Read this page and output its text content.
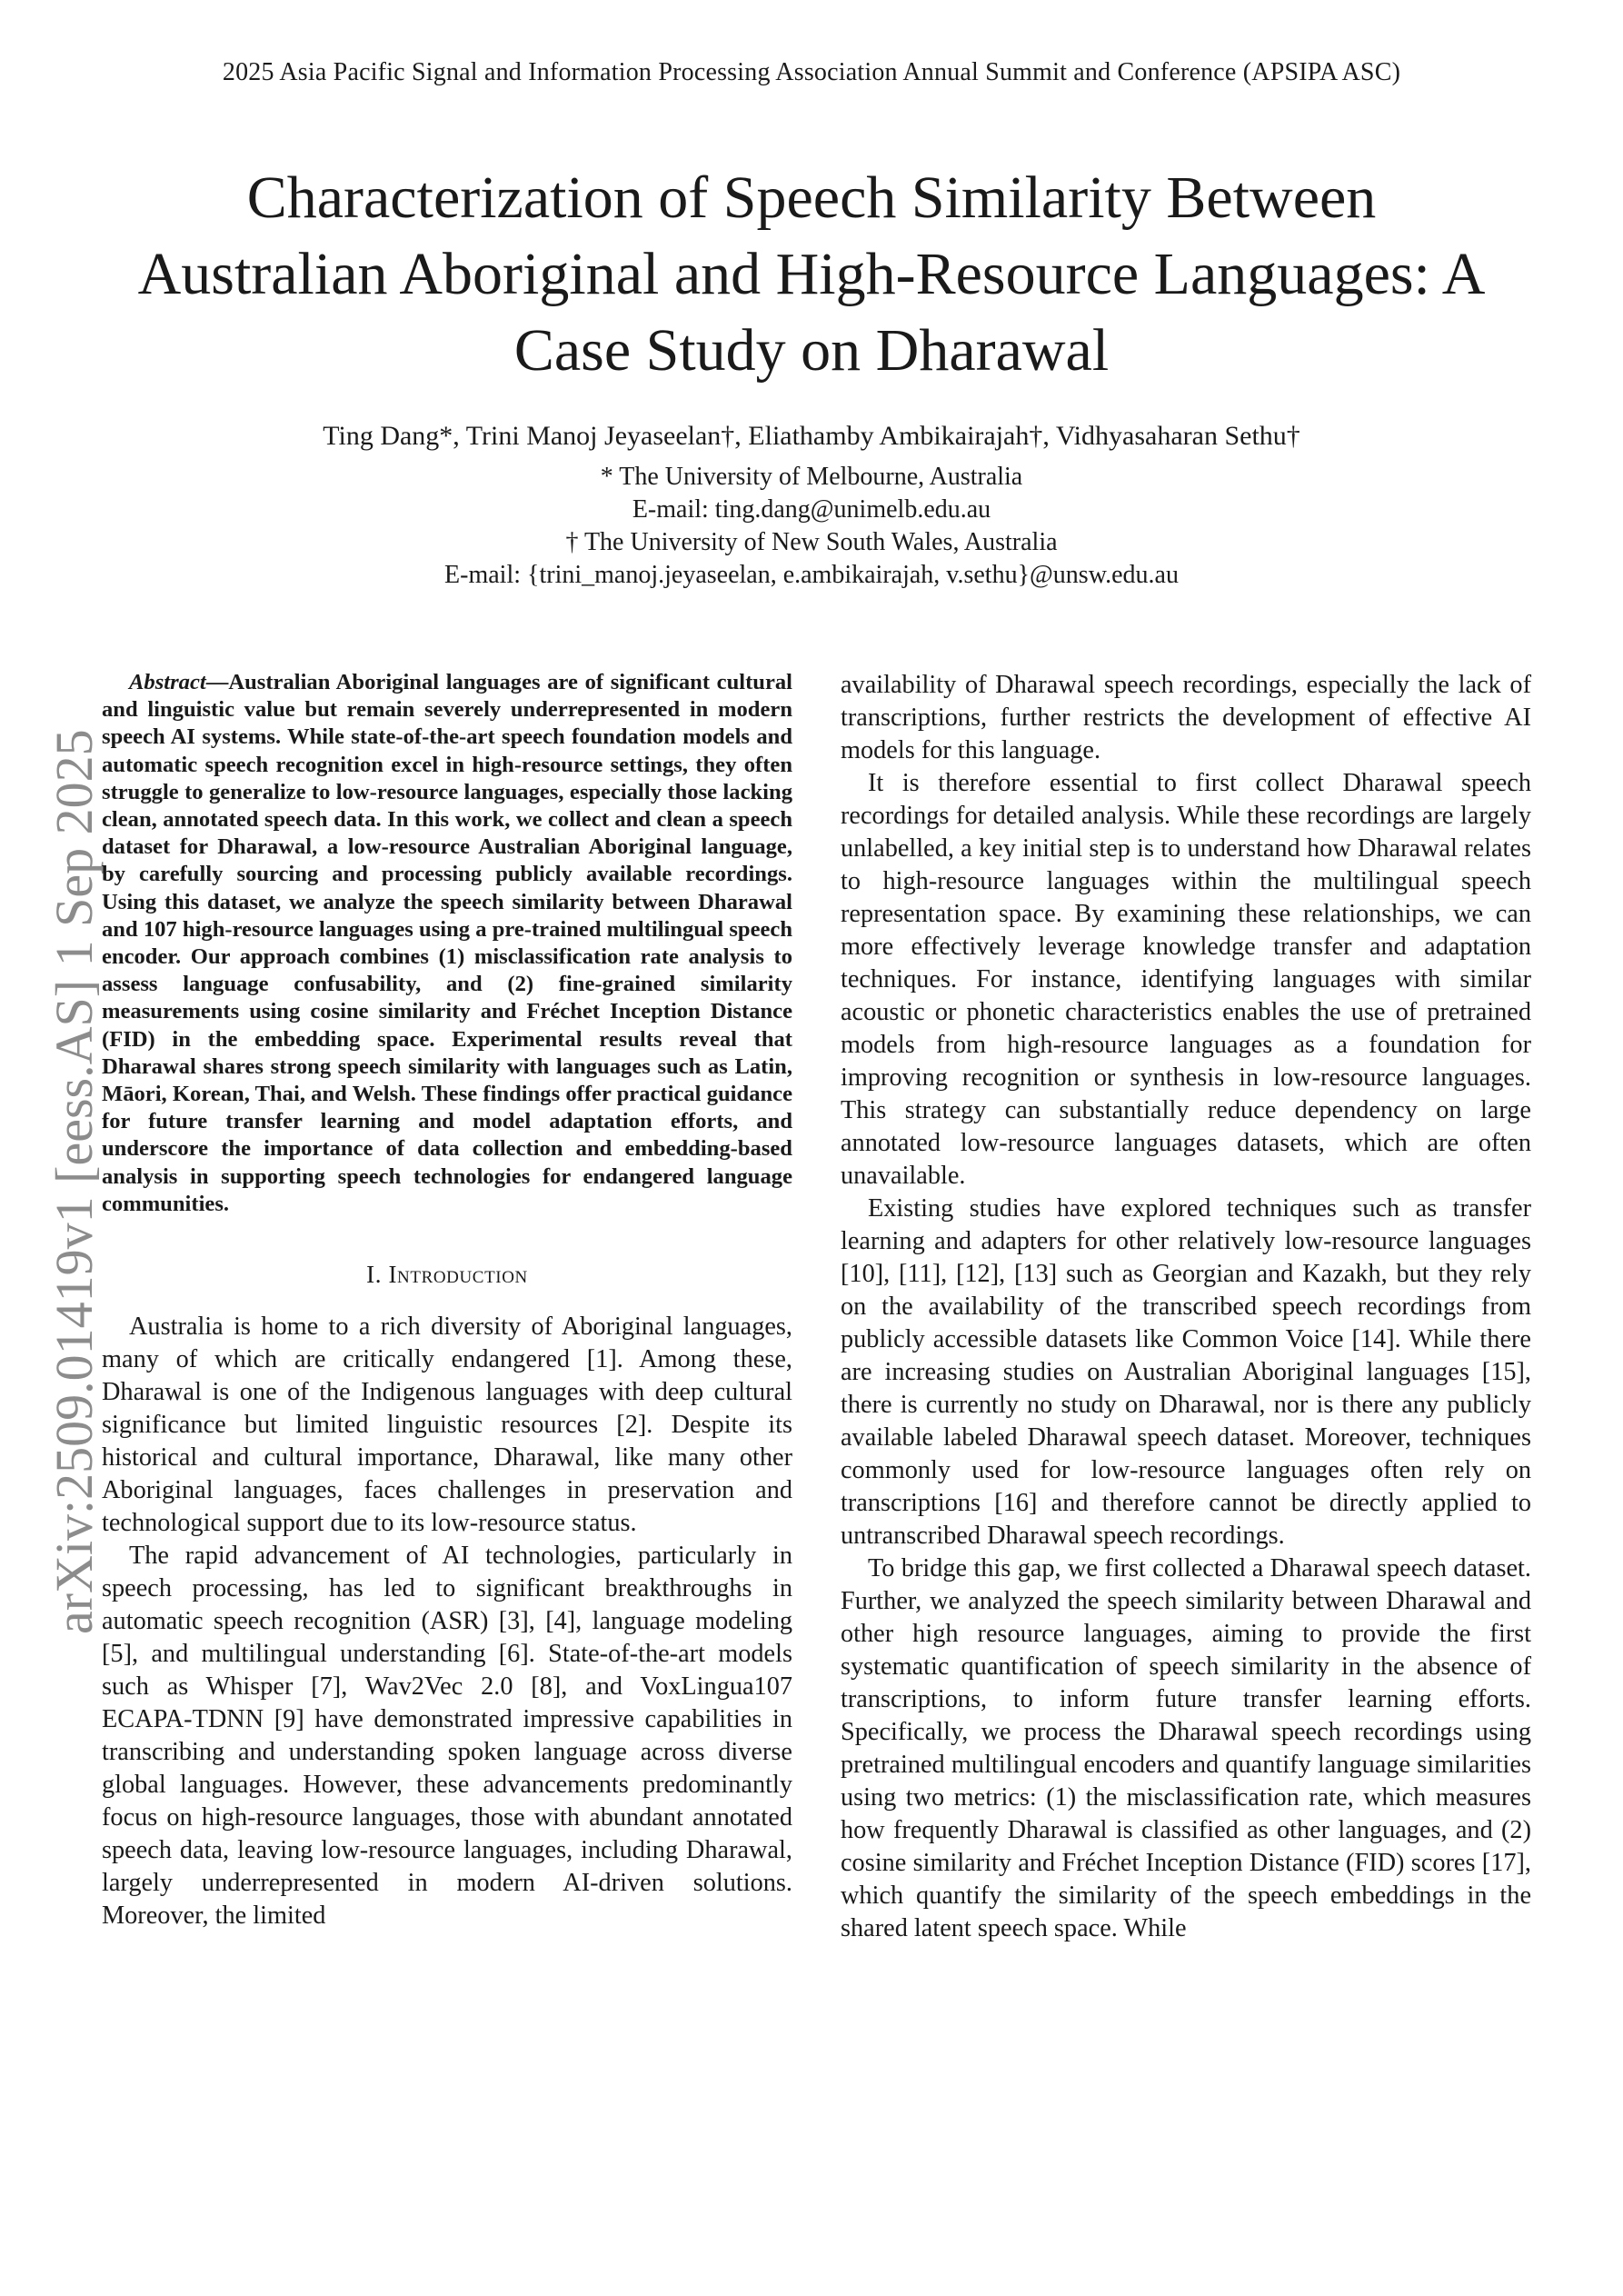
2025 Asia Pacific Signal and Information Processing Association Annual Summit and Conference (APSIPA ASC)
Characterization of Speech Similarity Between Australian Aboriginal and High-Resource Languages: A Case Study on Dharawal
Ting Dang*, Trini Manoj Jeyaseelan†, Eliathamby Ambikairajah†, Vidhyasaharan Sethu†
* The University of Melbourne, Australia
E-mail: ting.dang@unimelb.edu.au
† The University of New South Wales, Australia
E-mail: {trini_manoj.jeyaseelan, e.ambikairajah, v.sethu}@unsw.edu.au
arXiv:2509.01419v1 [eess.AS] 1 Sep 2025

Abstract—Australian Aboriginal languages are of significant cultural and linguistic value but remain severely underrepresented in modern speech AI systems. While state-of-the-art speech foundation models and automatic speech recognition excel in high-resource settings, they often struggle to generalize to low-resource languages, especially those lacking clean, annotated speech data. In this work, we collect and clean a speech dataset for Dharawal, a low-resource Australian Aboriginal language, by carefully sourcing and processing publicly available recordings. Using this dataset, we analyze the speech similarity between Dharawal and 107 high-resource languages using a pre-trained multilingual speech encoder. Our approach combines (1) misclassification rate analysis to assess language confusability, and (2) fine-grained similarity measurements using cosine similarity and Fréchet Inception Distance (FID) in the embedding space. Experimental results reveal that Dharawal shares strong speech similarity with languages such as Latin, Māori, Korean, Thai, and Welsh. These findings offer practical guidance for future transfer learning and model adaptation efforts, and underscore the importance of data collection and embedding-based analysis in supporting speech technologies for endangered language communities.

I. Introduction

Australia is home to a rich diversity of Aboriginal languages, many of which are critically endangered [1]. Among these, Dharawal is one of the Indigenous languages with deep cultural significance but limited linguistic resources [2]. Despite its historical and cultural importance, Dharawal, like many other Aboriginal languages, faces challenges in preservation and technological support due to its low-resource status.

The rapid advancement of AI technologies, particularly in speech processing, has led to significant breakthroughs in automatic speech recognition (ASR) [3], [4], language modeling [5], and multilingual understanding [6]. State-of-the-art models such as Whisper [7], Wav2Vec 2.0 [8], and VoxLingua107 ECAPA-TDNN [9] have demonstrated impressive capabilities in transcribing and understanding spoken language across diverse global languages. However, these advancements predominantly focus on high-resource languages, those with abundant annotated speech data, leaving low-resource languages, including Dharawal, largely underrepresented in modern AI-driven solutions. Moreover, the limited

availability of Dharawal speech recordings, especially the lack of transcriptions, further restricts the development of effective AI models for this language.

It is therefore essential to first collect Dharawal speech recordings for detailed analysis. While these recordings are largely unlabelled, a key initial step is to understand how Dharawal relates to high-resource languages within the multilingual speech representation space. By examining these relationships, we can more effectively leverage knowledge transfer and adaptation techniques. For instance, identifying languages with similar acoustic or phonetic characteristics enables the use of pretrained models from high-resource languages as a foundation for improving recognition or synthesis in low-resource languages. This strategy can substantially reduce dependency on large annotated low-resource languages datasets, which are often unavailable.

Existing studies have explored techniques such as transfer learning and adapters for other relatively low-resource languages [10], [11], [12], [13] such as Georgian and Kazakh, but they rely on the availability of the transcribed speech recordings from publicly accessible datasets like Common Voice [14]. While there are increasing studies on Australian Aboriginal languages [15], there is currently no study on Dharawal, nor is there any publicly available labeled Dharawal speech dataset. Moreover, techniques commonly used for low-resource languages often rely on transcriptions [16] and therefore cannot be directly applied to untranscribed Dharawal speech recordings.

To bridge this gap, we first collected a Dharawal speech dataset. Further, we analyzed the speech similarity between Dharawal and other high resource languages, aiming to provide the first systematic quantification of speech similarity in the absence of transcriptions, to inform future transfer learning efforts. Specifically, we process the Dharawal speech recordings using pretrained multilingual encoders and quantify language similarities using two metrics: (1) the misclassification rate, which measures how frequently Dharawal is classified as other languages, and (2) cosine similarity and Fréchet Inception Distance (FID) scores [17], which quantify the similarity of the speech embeddings in the shared latent speech space. While
